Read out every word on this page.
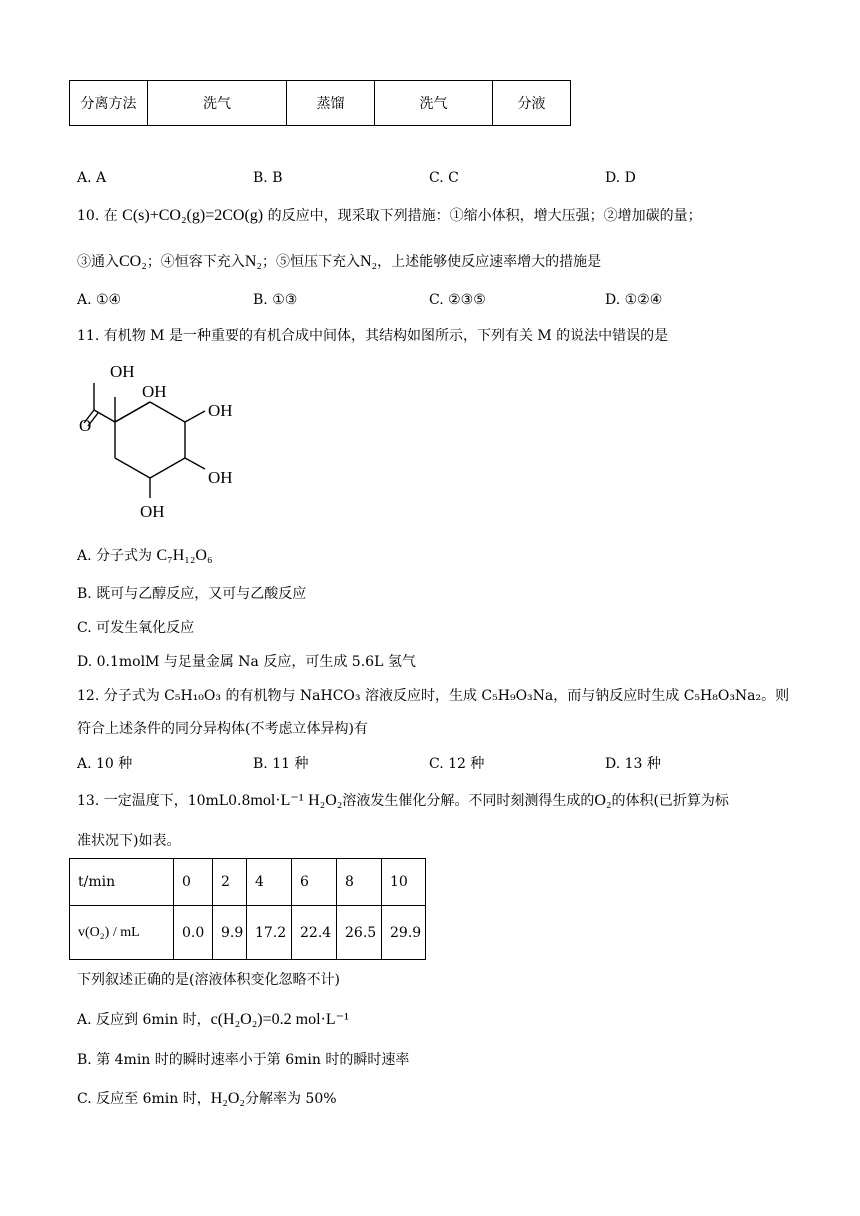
分离方法	洗气	蒸馏	洗气	分液
A. A	B. B	C. C	D. D
10. 在 C(s)+CO₂(g)=2CO(g) 的反应中，现采取下列措施：①缩小体积，增大压强；②增加碳的量；
③通入CO₂；④恒容下充入N₂；⑤恒压下充入N₂，上述能够使反应速率增大的措施是
A. ①④	B. ①③	C. ②③⑤	D. ①②④
11. 有机物 M 是一种重要的有机合成中间体，其结构如图所示，下列有关 M 的说法中错误的是
OH
OH
O
OH
OH
OH
A. 分子式为 C₇H₁₂O₆
B. 既可与乙醇反应，又可与乙酸反应
C. 可发生氧化反应
D. 0.1molM 与足量金属 Na 反应，可生成 5.6L 氢气
12. 分子式为 C₅H₁₀O₃ 的有机物与 NaHCO₃ 溶液反应时，生成 C₅H₉O₃Na，而与钠反应时生成 C₅H₈O₃Na₂。则
符合上述条件的同分异构体(不考虑立体异构)有
A. 10 种	B. 11 种	C. 12 种	D. 13 种
13. 一定温度下，10mL0.8mol·L⁻¹ H₂O₂溶液发生催化分解。不同时刻测得生成的O₂的体积(已折算为标
准状况下)如表。
t/min	0	2	4	6	8	10
v(O₂) / mL	0.0	9.9	17.2	22.4	26.5	29.9
下列叙述正确的是(溶液体积变化忽略不计)
A. 反应到 6min 时，c(H₂O₂)=0.2 mol·L⁻¹
B. 第 4min 时的瞬时速率小于第 6min 时的瞬时速率
C. 反应至 6min 时，H₂O₂分解率为 50%
